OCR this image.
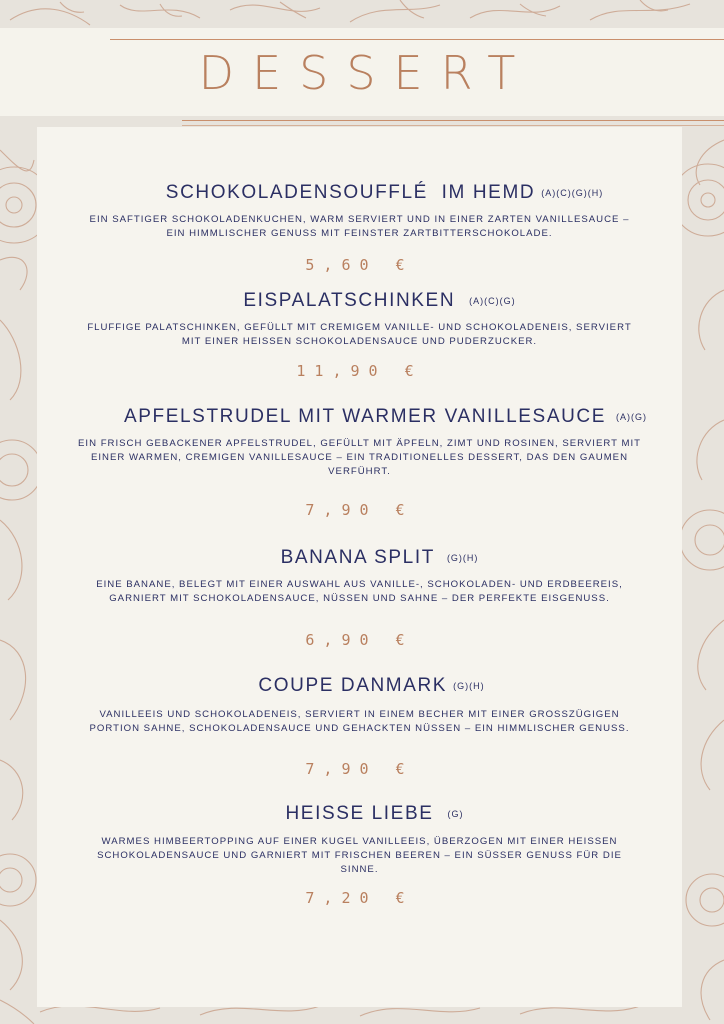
DESSERT
SCHOKOLADENSOUFFLÉ  IM HEMD (A)(C)(G)(H)
EIN SAFTIGER SCHOKOLADENKUCHEN, WARM SERVIERT UND IN EINER ZARTEN VANILLESAUCE – EIN HIMMLISCHER GENUSS MIT FEINSTER ZARTBITTERSCHOKOLADE.
5,60 €
EISPALATSCHINKEN (A)(C)(G)
FLUFFIGE PALATSCHINKEN, GEFÜLLT MIT CREMIGEM VANILLE- UND SCHOKOLADENEIS, SERVIERT MIT EINER HEISSEN SCHOKOLADENSAUCE UND PUDERZUCKER.
11,90 €
APFELSTRUDEL MIT WARMER VANILLESAUCE (A)(G)
EIN FRISCH GEBACKENER APFELSTRUDEL, GEFÜLLT MIT ÄPFELN, ZIMT UND ROSINEN, SERVIERT MIT EINER WARMEN, CREMIGEN VANILLESAUCE – EIN TRADITIONELLES DESSERT, DAS DEN GAUMEN VERFÜHRT.
7,90 €
BANANA SPLIT (G)(H)
EINE BANANE, BELEGT MIT EINER AUSWAHL AUS VANILLE-, SCHOKOLADEN- UND ERDBEEREIS, GARNIERT MIT SCHOKOLADENSAUCE, NÜSSEN UND SAHNE – DER PERFEKTE EISGENUSS.
6,90 €
COUPE DANMARK (G)(H)
VANILLEEIS UND SCHOKOLADENEIS, SERVIERT IN EINEM BECHER MIT EINER GROSSZÜGIGEN PORTION SAHNE, SCHOKOLADENSAUCE UND GEHACKTEN NÜSSEN – EIN HIMMLISCHER GENUSS.
7,90 €
HEISSE LIEBE (G)
WARMES HIMBEERTOPPING AUF EINER KUGEL VANILLEEIS, ÜBERZOGEN MIT EINER HEISSEN SCHOKOLADENSAUCE UND GARNIERT MIT FRISCHEN BEEREN – EIN SÜSSER GENUSS FÜR DIE SINNE.
7,20 €
